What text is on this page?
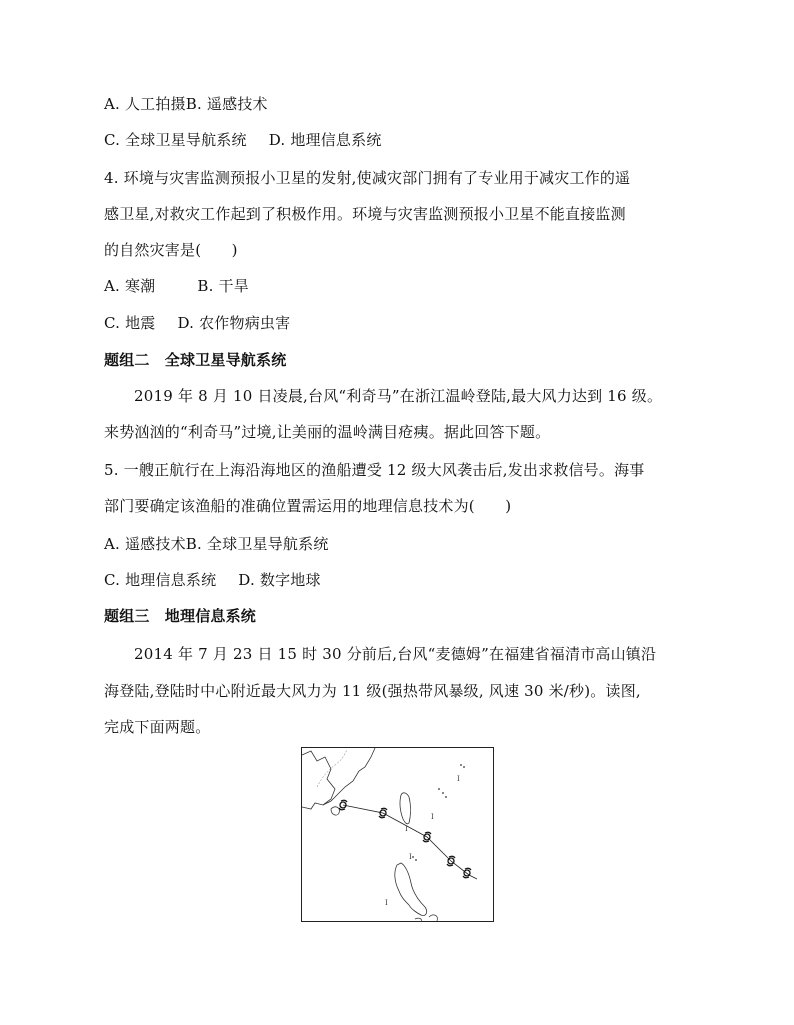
A. 人工拍摄B. 遥感技术
C. 全球卫星导航系统 D. 地理信息系统
4. 环境与灾害监测预报小卫星的发射,使减灾部门拥有了专业用于减灾工作的遥
感卫星,对救灾工作起到了积极作用。环境与灾害监测预报小卫星不能直接监测
的自然灾害是(　　)
A. 寒潮	B. 干旱
C. 地震 D. 农作物病虫害
题组二　全球卫星导航系统
2019 年 8 月 10 日凌晨,台风“利奇马”在浙江温岭登陆,最大风力达到 16 级。
来势汹汹的“利奇马”过境,让美丽的温岭满目疮痍。据此回答下题。
5. 一艘正航行在上海沿海地区的渔船遭受 12 级大风袭击后,发出求救信号。海事
部门要确定该渔船的准确位置需运用的地理信息技术为(　　)
A. 遥感技术B. 全球卫星导航系统
C. 地理信息系统 D. 数字地球
题组三　地理信息系统
2014 年 7 月 23 日 15 时 30 分前后,台风“麦德姆”在福建省福清市高山镇沿
海登陆,登陆时中心附近最大风力为 11 级(强热带风暴级, 风速 30 米/秒)。读图,
完成下面两题。
I
I
I
I
I
